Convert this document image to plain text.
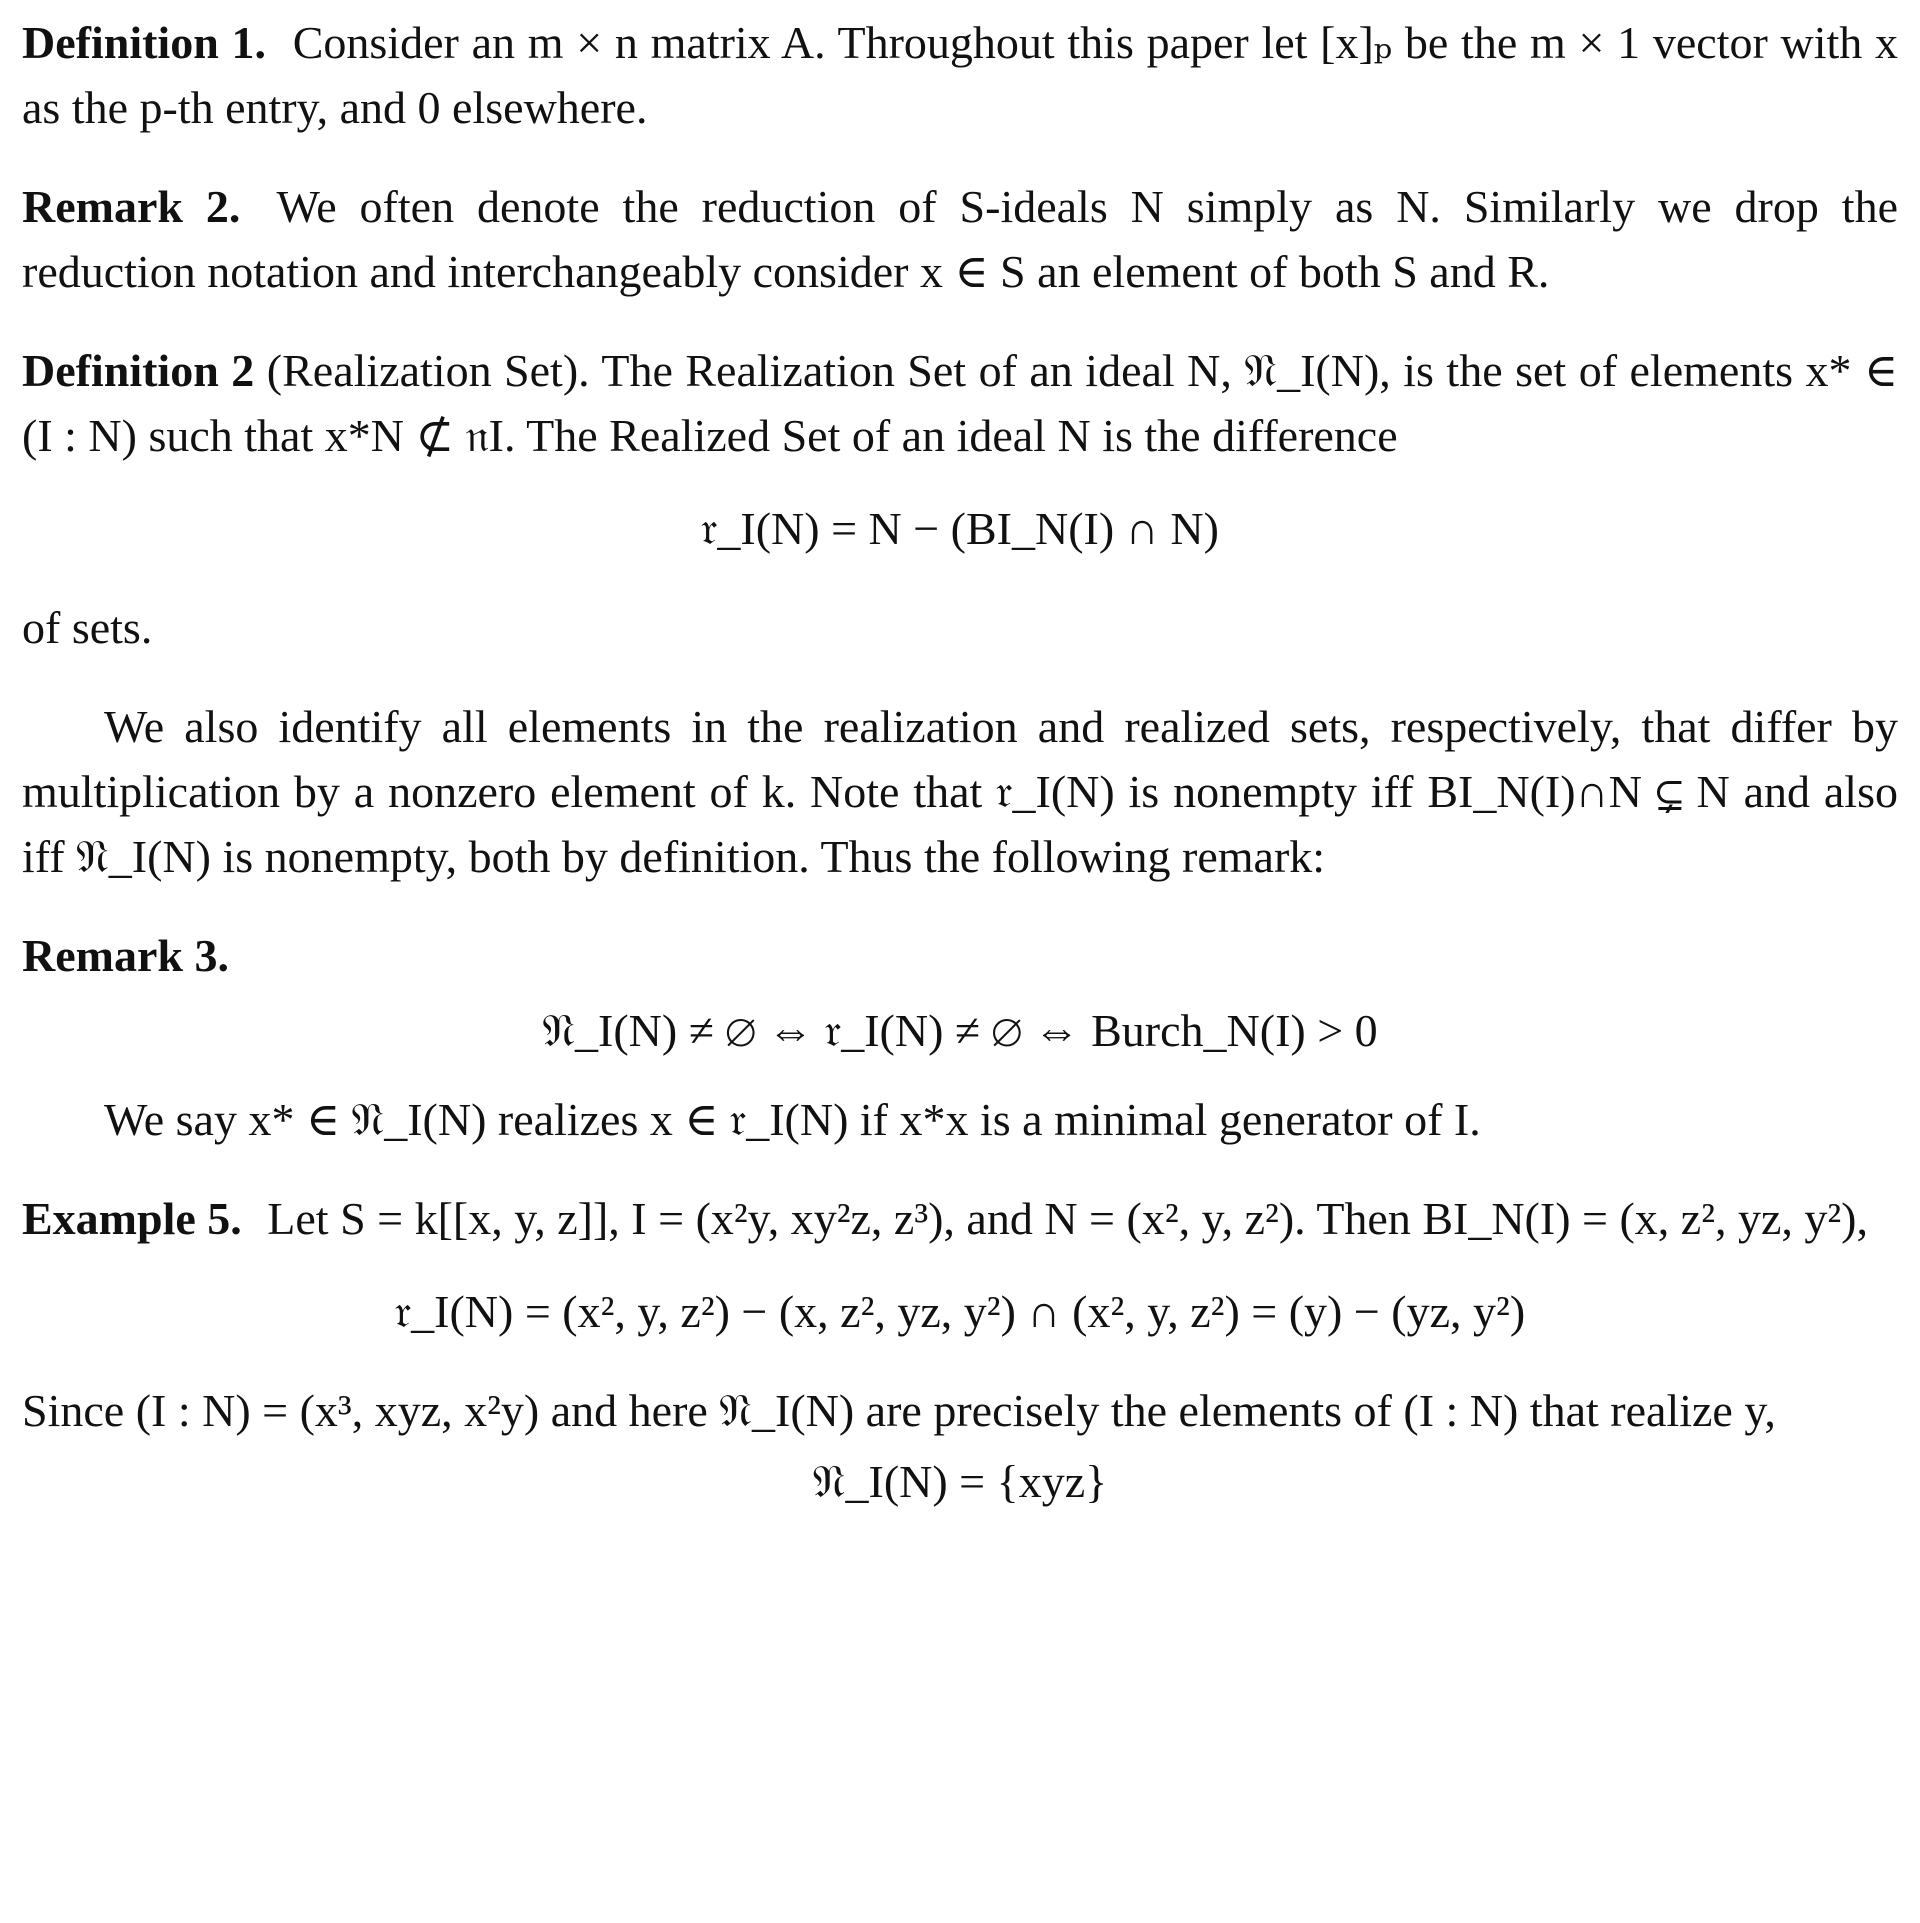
Definition 1. Consider an m × n matrix A. Throughout this paper let [x]ₚ be the m × 1 vector with x as the p-th entry, and 0 elsewhere.

Remark 2. We often denote the reduction of S-ideals N simply as N. Similarly we drop the reduction notation and interchangeably consider x ∈ S an element of both S and R.

Definition 2 (Realization Set). The Realization Set of an ideal N, 𝔑_I(N), is the set of elements x* ∈ (I : N) such that x*N ⊄ 𝔫I. The Realized Set of an ideal N is the difference

𝔯_I(N) = N − (BI_N(I) ∩ N)

of sets.

We also identify all elements in the realization and realized sets, respectively, that differ by multiplication by a nonzero element of k. Note that 𝔯_I(N) is nonempty iff BI_N(I)∩N ⊊ N and also iff 𝔑_I(N) is nonempty, both by definition. Thus the following remark:

Remark 3.

𝔑_I(N) ≠ ∅ ⇔ 𝔯_I(N) ≠ ∅ ⇔ Burch_N(I) > 0

We say x* ∈ 𝔑_I(N) realizes x ∈ 𝔯_I(N) if x*x is a minimal generator of I.

Example 5. Let S = k[[x, y, z]], I = (x²y, xy²z, z³), and N = (x², y, z²). Then BI_N(I) = (x, z², yz, y²),

𝔯_I(N) = (x², y, z²) − (x, z², yz, y²) ∩ (x², y, z²) = (y) − (yz, y²)

Since (I : N) = (x³, xyz, x²y) and here 𝔑_I(N) are precisely the elements of (I : N) that realize y,

𝔑_I(N) = {xyz}
